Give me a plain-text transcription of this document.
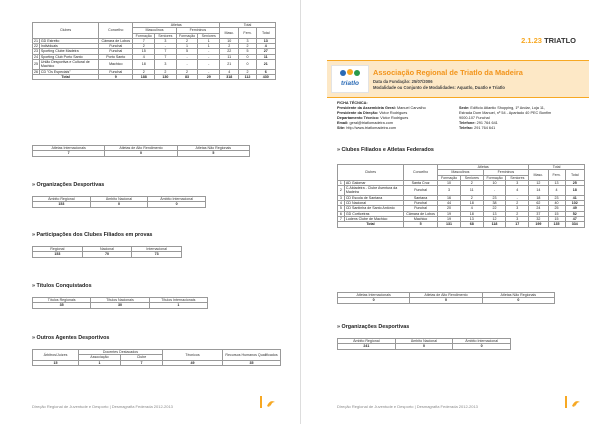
Clubes		Concelho	Atletas				Total		
			Masculinos		Femininos		Masc.	Fem.	Total
			Formação	Seniores	Formação	Seniores			
21	GD Estreito	Câmara de Lobos	7	3	2	1	10	3	13
22	Individuais	Funchal	2	-	1	1	2	2	4
23	Sporting Clube Madeira	Funchal	15	7	5	-	22	5	27
24	Sporting Club Porto Santo	Porto Santo	4	7	-	-	11	0	11
25	União Desportiva e Cultural de Machico	Machico	18	3	-	-	21	0	21
26	CD "Os Especiais"	Funchal	2	2	2	-	4	2	6
Total		9	188	130	83	29	318	112	430
Atletas Internacionais	Atletas de Alto Rendimento	Atletas Não Regionais
7	0	5
» Organizações Desportivas
Âmbito Regional	Âmbito Nacional	Âmbito Internacional
153	0	0
» Participações dos Clubes Filiados em provas
Regional	Nacional	Internacional
153	70	73
» Títulos Conquistados
Títulos Regionais	Títulos Nacionais	Títulos Internacionais
35	30	1
» Outros Agentes Desportivos
Árbitros/Juízes	Docentes Destacados		Técnicos	Recursos Humanos Qualificados
	Associação	Clube		
15	1	7	49	35
Direção Regional de Juventude e Desporto | Desmagrafia Federada 2012-2013	46
2.1.23 TRIATLO
triatlo
Associação Regional de Triatlo da Madeira
Data da Fundação: 25/07/2006
Modalidade ou Conjunto de Modalidades: Aquatlo, Duatlo e Triatlo
FICHA TÉCNICA:
Presidente da Assembleia Geral: Manuel Carvalho
Presidente da Direção: Victor Rodrigues
Departamento Técnico: Victor Rodrigues
Email: geral@triatlomadeira.com
Site: http://www.triatlomadeira.com
Sede: Edifício Atlantic Shopping, 1º Andar, Loja 11,
Estrada Dom Manuel, nº 54 - Apartado 40 PEC Bonfim
9000-107 Funchal
Telefone: 291 764 641
Telefax: 291 764 641
» Clubes Filiados e Atletas Federados
Clubes		Concelho	Atletas				Total		
			Masculinos		Femininos		Masc.	Fem.	Total
			Formação	Seniores	Formação	Seniores			
1	AD Galomar	Santa Cruz	10	2	10	3	12	13	25
2	C.Aktadeira - Clube Aventura da Madeira	Funchal	3	11	-	4	14	4	18
3	CD Escola de Santana	Santana	16	2	23	-	18	23	41
4	CD Nacional	Funchal	44	18	38	2	62	40	102
5	CD Santinha de Santo António	Funchal	20	4	22	3	24	25	49
6	GD Corticeiras	Câmara de Lobos	19	18	13	2	37	15	52
7	Ludens Clube de Machico	Machico	19	13	12	3	32	15	47
Total		5	131	68	118	17	199	135	334
Atletas Internacionais	Atletas de Alto Rendimento	Atletas Não Regionais
0	0	0
» Organizações Desportivas
Âmbito Regional	Âmbito Nacional	Âmbito Internacional
241	0	0
Direção Regional de Juventude e Desporto | Desmagrafia Federada 2012-2013	46
